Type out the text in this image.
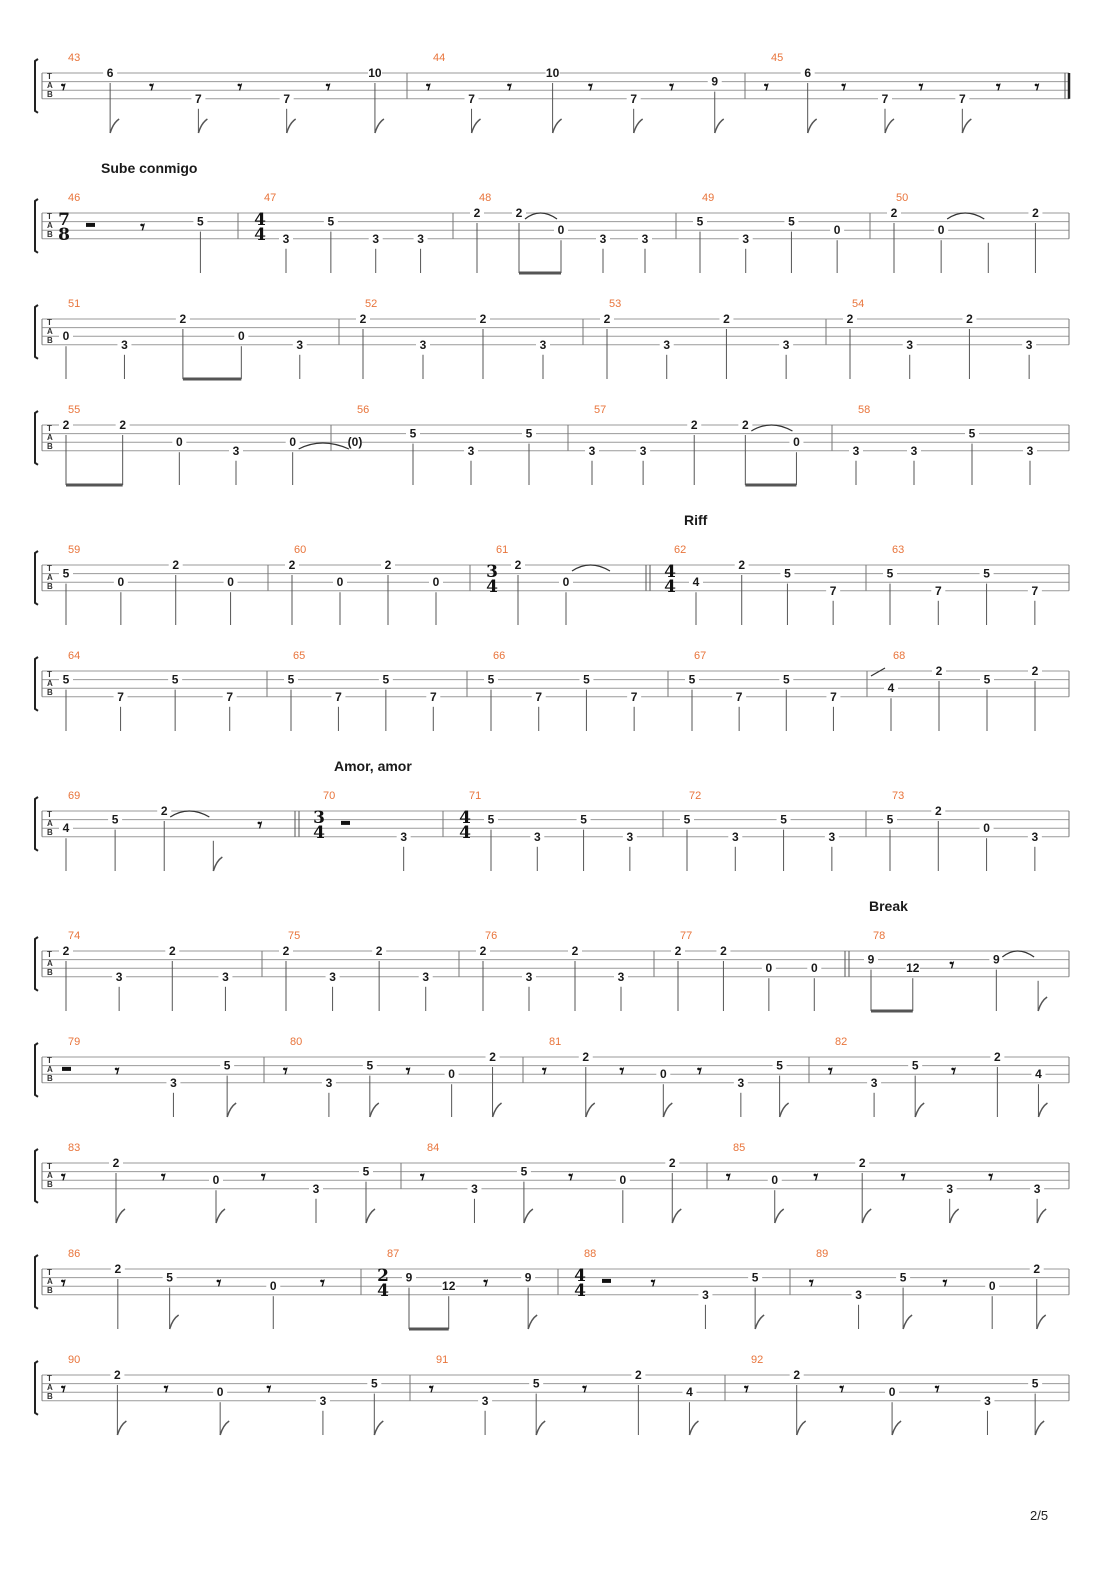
Sube conmigo
Riff
Amor, amor
Break
T
A
B
43
𝄾
6
𝄾
7
𝄾
7
𝄾
10
44
𝄾
7
𝄾
10
𝄾
7
𝄾	9
45
𝄾
6
𝄾
7
𝄾
7
𝄾 𝄾
T
A
B
46
7
8	𝄾	5
47
4
4 3
5
3	3
48
2	2
0
3	3
49
5
3
5
0
50
2
0
2
T
A
B
51
0
3
2
0
3
52
2
3
2
3
53
2
3
2
3
54
2
3
2
3
T
A
B
55
2	2
0
3
0
56
(0)
5
3
5
57
3	3
2	2
0
58
3	3
5
3
T
A
B
59
5
0
2
0
60
2
0
2
0
61
3
4
2
0
62
4
4 4
2
5
7
63
5
7
5
7
T
A
B
64
5
7
5
7
65
5
7
5
7
66
5
7
5
7
67
5
7
5
7
68
4
2
5
2
T
A
B
69
4
5
2
𝄾
70
3
4	3
71
4
4
5
3
5
3
72
5
3
5
3
73
5
2
0
3
T
A
B
74
2
3
2
3
75
2
3
2
3
76
2
3
2
3
77
2	2
0	0
78
9
12 𝄾	9
T
A
B
79
𝄾
3
5
80
𝄾
3
5 𝄾	0
2
81
𝄾
2
𝄾	0 𝄾
3
5
82
𝄾
3
5 𝄾
2
4
T
A
B
83
𝄾
2
𝄾	0 𝄾
3
5
84
𝄾
3
5 𝄾	0
2
85
𝄾	0 𝄾
2
𝄾
3
𝄾
3
T
A
B
86
𝄾
2
5 𝄾	0 𝄾
87
2
4
9
12 𝄾	9
88
4
4	𝄾
3
5
89
𝄾
3
5 𝄾	0
2
T
A
B
90
𝄾
2
𝄾	0 𝄾
3
5
91
𝄾
3
5 𝄾
2
4
92
𝄾
2
𝄾	0 𝄾
3
5
2/5
